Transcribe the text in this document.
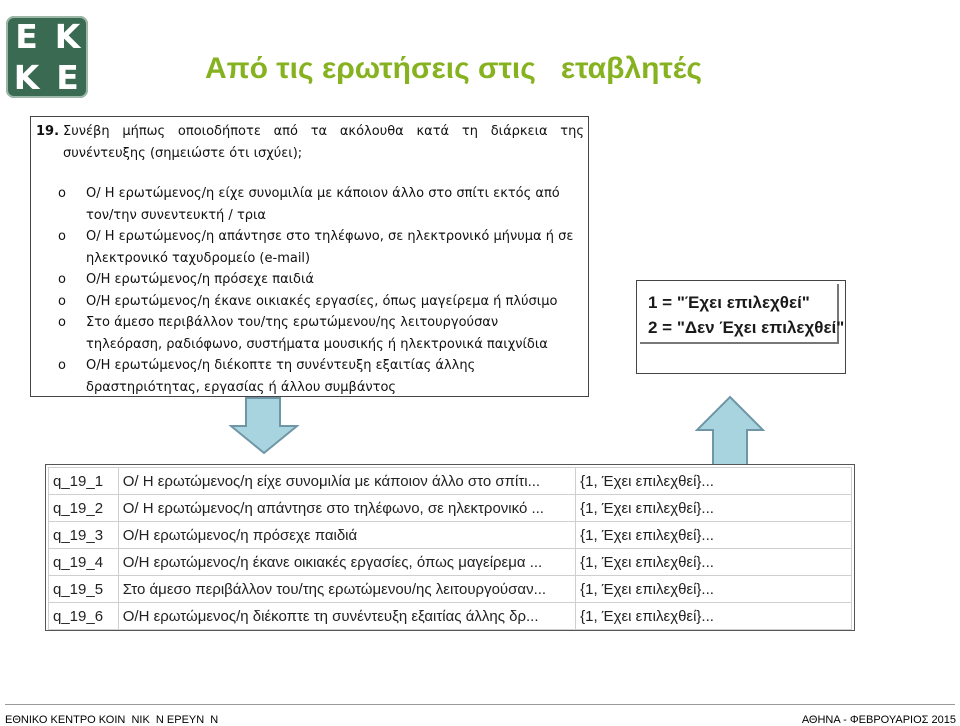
E K
K E	Από τις ερωτήσεις στις   εταβλητές
19. Συνέβη μήπως οποιοδήποτε από τα ακόλουθα κατά τη διάρκεια της συνέντευξης (σημειώστε ότι ισχύει);
o Ο/ Η ερωτώμενος/η είχε συνομιλία με κάποιον άλλο στο σπίτι εκτός από τον/την συνεντευκτή / τρια
o Ο/ Η ερωτώμενος/η απάντησε στο τηλέφωνο, σε ηλεκτρονικό μήνυμα ή σε ηλεκτρονικό ταχυδρομείο (e-mail)
o Ο/Η ερωτώμενος/η πρόσεχε παιδιά
o Ο/Η ερωτώμενος/η έκανε οικιακές εργασίες, όπως μαγείρεμα ή πλύσιμο
o Στο άμεσο περιβάλλον του/της ερωτώμενου/ης λειτουργούσαν τηλεόραση, ραδιόφωνο, συστήματα μουσικής ή ηλεκτρονικά παιχνίδια
o Ο/Η ερωτώμενος/η διέκοπτε τη συνέντευξη εξαιτίας άλλης δραστηριότητας, εργασίας ή άλλου συμβάντος
1 = "Έχει επιλεχθεί"
2 = "Δεν Έχει επιλεχθεί"
q_19_1	Ο/ Η ερωτώμενος/η είχε συνομιλία με κάποιον άλλο στο σπίτι...	{1, Έχει επιλεχθεί}...
q_19_2	Ο/ Η ερωτώμενος/η απάντησε στο τηλέφωνο, σε ηλεκτρονικό ...	{1, Έχει επιλεχθεί}...
q_19_3	Ο/Η ερωτώμενος/η πρόσεχε παιδιά	{1, Έχει επιλεχθεί}...
q_19_4	Ο/Η ερωτώμενος/η έκανε οικιακές εργασίες, όπως μαγείρεμα ...	{1, Έχει επιλεχθεί}...
q_19_5	Στο άμεσο περιβάλλον του/της ερωτώμενου/ης λειτουργούσαν...	{1, Έχει επιλεχθεί}...
q_19_6	Ο/Η ερωτώμενος/η διέκοπτε τη συνέντευξη εξαιτίας άλλης δρ...	{1, Έχει επιλεχθεί}...
ΕΘΝΙΚΟ ΚΕΝΤΡΟ ΚΟΙΝ  ΝΙΚ  Ν ΕΡΕΥΝ  Ν	ΑΘΗΝΑ - ΦΕΒΡΟΥΑΡΙΟΣ 2015
